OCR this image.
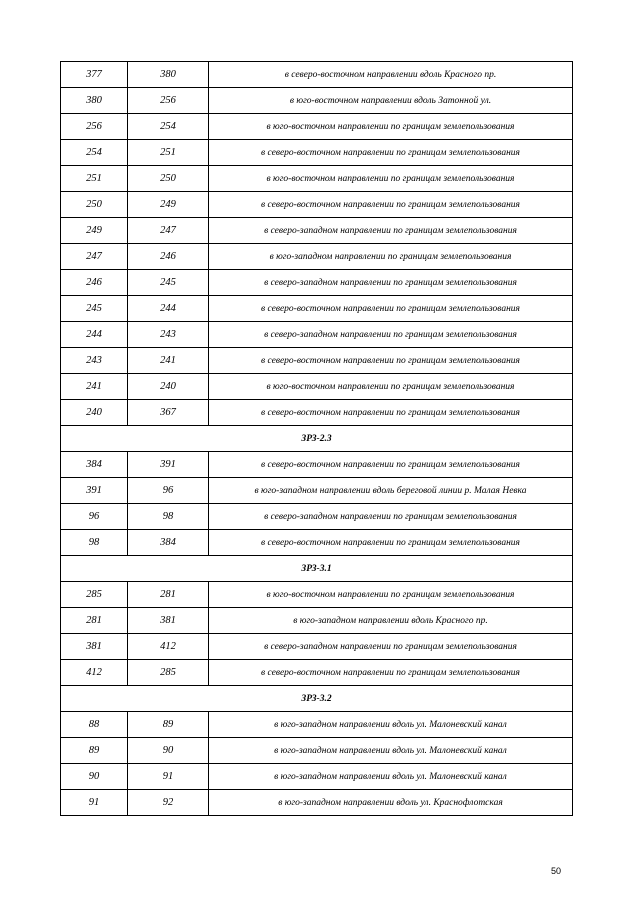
377	380	в северо-восточном направлении вдоль Красного пр.
380	256	в юго-восточном направлении вдоль Затонной ул.
256	254	в юго-восточном направлении по границам землепользования
254	251	в северо-восточном направлении по границам землепользования
251	250	в юго-восточном направлении по границам землепользования
250	249	в северо-восточном направлении по границам землепользования
249	247	в северо-западном направлении по границам землепользования
247	246	в юго-западном направлении по границам землепользования
246	245	в северо-западном направлении по границам землепользования
245	244	в северо-восточном направлении по границам землепользования
244	243	в северо-западном направлении по границам землепользования
243	241	в северо-восточном направлении по границам землепользования
241	240	в юго-восточном направлении по границам землепользования
240	367	в северо-восточном направлении по границам землепользования
ЗРЗ-2.3		
384	391	в северо-восточном направлении по границам землепользования
391	96	в юго-западном направлении вдоль береговой линии р. Малая Невка
96	98	в северо-западном направлении по границам землепользования
98	384	в северо-восточном направлении по границам землепользования
ЗРЗ-3.1		
285	281	в юго-восточном направлении по границам землепользования
281	381	в юго-западном направлении вдоль Красного пр.
381	412	в северо-западном направлении по границам землепользования
412	285	в северо-восточном направлении по границам землепользования
ЗРЗ-3.2		
88	89	в юго-западном направлении вдоль ул. Малоневский канал
89	90	в юго-западном направлении вдоль ул. Малоневский канал
90	91	в юго-западном направлении вдоль ул. Малоневский канал
91	92	в юго-западном направлении вдоль ул. Краснофлотская
50
